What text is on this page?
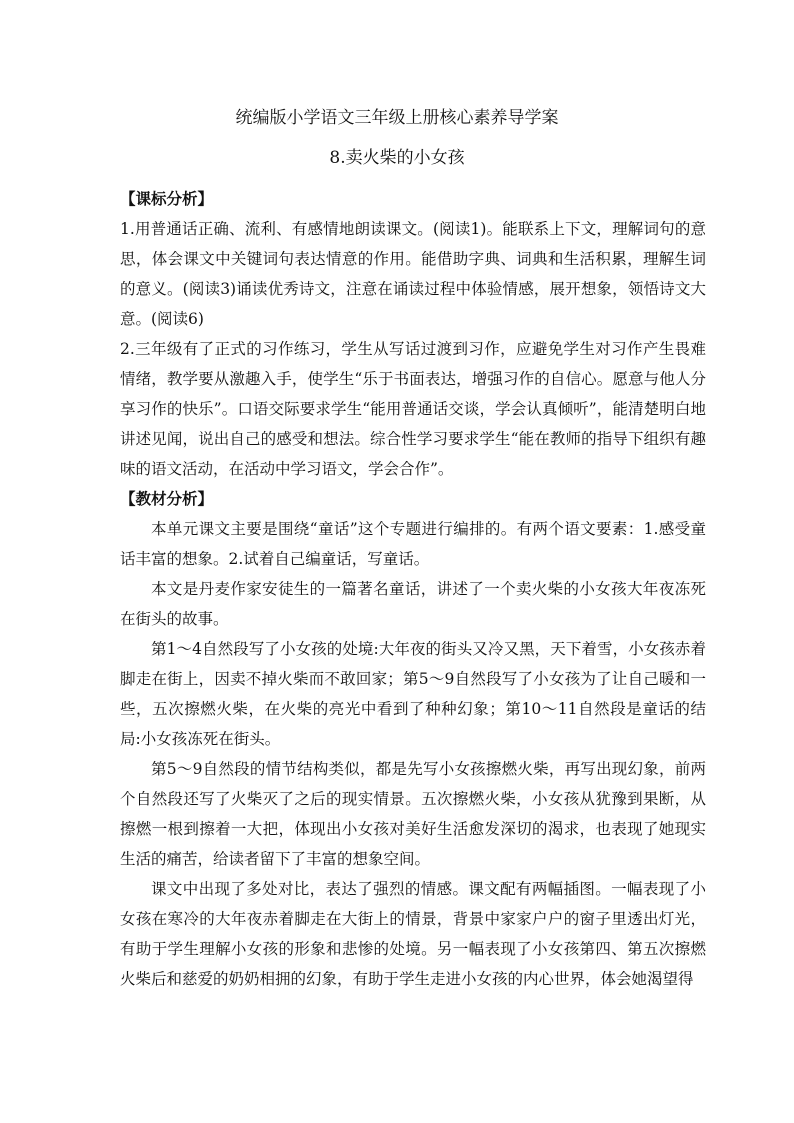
统编版小学语文三年级上册核心素养导学案
8.卖火柴的小女孩

【课标分析】

1.用普通话正确、流利、有感情地朗读课文。(阅读1)。能联系上下文，理解词句的意思，体会课文中关键词句表达情意的作用。能借助字典、词典和生活积累，理解生词的意义。(阅读3)诵读优秀诗文，注意在诵读过程中体验情感，展开想象，领悟诗文大意。(阅读6)

2.三年级有了正式的习作练习，学生从写话过渡到习作，应避免学生对习作产生畏难情绪，教学要从激趣入手，使学生“乐于书面表达，增强习作的自信心。愿意与他人分享习作的快乐”。口语交际要求学生“能用普通话交谈，学会认真倾听”，能清楚明白地讲述见闻，说出自己的感受和想法。综合性学习要求学生“能在教师的指导下组织有趣味的语文活动，在活动中学习语文，学会合作”。

【教材分析】

本单元课文主要是围绕“童话”这个专题进行编排的。有两个语文要素：1.感受童话丰富的想象。2.试着自己编童话，写童话。

本文是丹麦作家安徒生的一篇著名童话，讲述了一个卖火柴的小女孩大年夜冻死在街头的故事。

第1～4自然段写了小女孩的处境:大年夜的街头又冷又黑，天下着雪，小女孩赤着脚走在街上，因卖不掉火柴而不敢回家；第5～9自然段写了小女孩为了让自己暖和一些，五次擦燃火柴，在火柴的亮光中看到了种种幻象；第10～11自然段是童话的结局:小女孩冻死在街头。

第5～9自然段的情节结构类似，都是先写小女孩擦燃火柴，再写出现幻象，前两个自然段还写了火柴灭了之后的现实情景。五次擦燃火柴，小女孩从犹豫到果断，从擦燃一根到擦着一大把，体现出小女孩对美好生活愈发深切的渴求，也表现了她现实生活的痛苦，给读者留下了丰富的想象空间。

课文中出现了多处对比，表达了强烈的情感。课文配有两幅插图。一幅表现了小女孩在寒冷的大年夜赤着脚走在大街上的情景，背景中家家户户的窗子里透出灯光，有助于学生理解小女孩的形象和悲惨的处境。另一幅表现了小女孩第四、第五次擦燃火柴后和慈爱的奶奶相拥的幻象，有助于学生走进小女孩的内心世界，体会她渴望得
